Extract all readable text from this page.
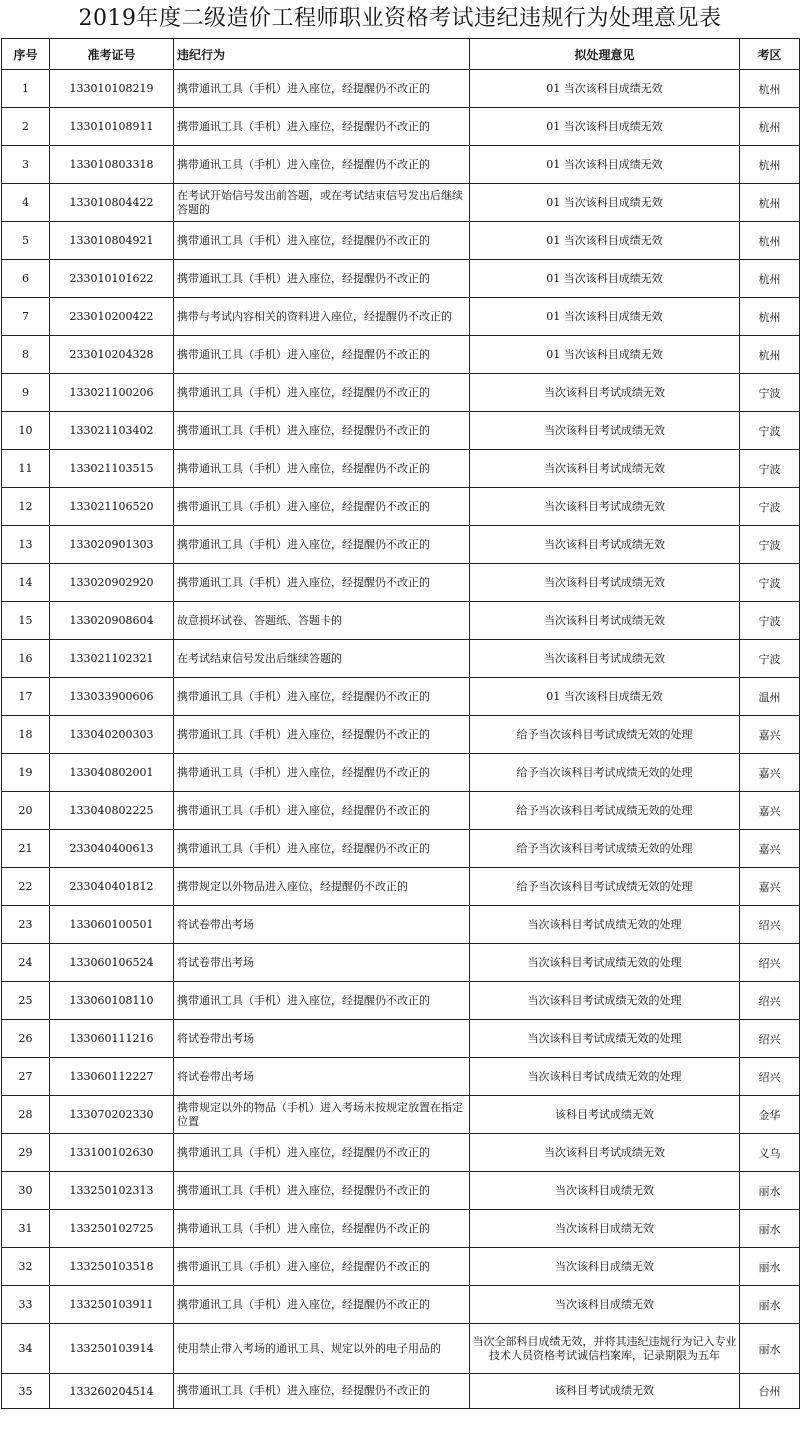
2019年度二级造价工程师职业资格考试违纪违规行为处理意见表
序号	准考证号	违纪行为	拟处理意见	考区
1	133010108219	携带通讯工具（手机）进入座位，经提醒仍不改正的	01 当次该科目成绩无效	杭州
2	133010108911	携带通讯工具（手机）进入座位，经提醒仍不改正的	01 当次该科目成绩无效	杭州
3	133010803318	携带通讯工具（手机）进入座位，经提醒仍不改正的	01 当次该科目成绩无效	杭州
4	133010804422	在考试开始信号发出前答题，或在考试结束信号发出后继续答题的	01 当次该科目成绩无效	杭州
5	133010804921	携带通讯工具（手机）进入座位，经提醒仍不改正的	01 当次该科目成绩无效	杭州
6	233010101622	携带通讯工具（手机）进入座位，经提醒仍不改正的	01 当次该科目成绩无效	杭州
7	233010200422	携带与考试内容相关的资料进入座位，经提醒仍不改正的	01 当次该科目成绩无效	杭州
8	233010204328	携带通讯工具（手机）进入座位，经提醒仍不改正的	01 当次该科目成绩无效	杭州
9	133021100206	携带通讯工具（手机）进入座位，经提醒仍不改正的	当次该科目考试成绩无效	宁波
10	133021103402	携带通讯工具（手机）进入座位，经提醒仍不改正的	当次该科目考试成绩无效	宁波
11	133021103515	携带通讯工具（手机）进入座位，经提醒仍不改正的	当次该科目考试成绩无效	宁波
12	133021106520	携带通讯工具（手机）进入座位，经提醒仍不改正的	当次该科目考试成绩无效	宁波
13	133020901303	携带通讯工具（手机）进入座位，经提醒仍不改正的	当次该科目考试成绩无效	宁波
14	133020902920	携带通讯工具（手机）进入座位，经提醒仍不改正的	当次该科目考试成绩无效	宁波
15	133020908604	故意损坏试卷、答题纸、答题卡的	当次该科目考试成绩无效	宁波
16	133021102321	在考试结束信号发出后继续答题的	当次该科目考试成绩无效	宁波
17	133033900606	携带通讯工具（手机）进入座位，经提醒仍不改正的	01 当次该科目成绩无效	温州
18	133040200303	携带通讯工具（手机）进入座位，经提醒仍不改正的	给予当次该科目考试成绩无效的处理	嘉兴
19	133040802001	携带通讯工具（手机）进入座位，经提醒仍不改正的	给予当次该科目考试成绩无效的处理	嘉兴
20	133040802225	携带通讯工具（手机）进入座位，经提醒仍不改正的	给予当次该科目考试成绩无效的处理	嘉兴
21	233040400613	携带通讯工具（手机）进入座位，经提醒仍不改正的	给予当次该科目考试成绩无效的处理	嘉兴
22	233040401812	携带规定以外物品进入座位，经提醒仍不改正的	给予当次该科目考试成绩无效的处理	嘉兴
23	133060100501	将试卷带出考场	当次该科目考试成绩无效的处理	绍兴
24	133060106524	将试卷带出考场	当次该科目考试成绩无效的处理	绍兴
25	133060108110	携带通讯工具（手机）进入座位，经提醒仍不改正的	当次该科目考试成绩无效的处理	绍兴
26	133060111216	将试卷带出考场	当次该科目考试成绩无效的处理	绍兴
27	133060112227	将试卷带出考场	当次该科目考试成绩无效的处理	绍兴
28	133070202330	携带规定以外的物品（手机）进入考场未按规定放置在指定位置	该科目考试成绩无效	金华
29	133100102630	携带通讯工具（手机）进入座位，经提醒仍不改正的	当次该科目考试成绩无效	义乌
30	133250102313	携带通讯工具（手机）进入座位，经提醒仍不改正的	当次该科目成绩无效	丽水
31	133250102725	携带通讯工具（手机）进入座位，经提醒仍不改正的	当次该科目成绩无效	丽水
32	133250103518	携带通讯工具（手机）进入座位，经提醒仍不改正的	当次该科目成绩无效	丽水
33	133250103911	携带通讯工具（手机）进入座位，经提醒仍不改正的	当次该科目成绩无效	丽水
34	133250103914	使用禁止带入考场的通讯工具、规定以外的电子用品的	当次全部科目成绩无效，并将其违纪违规行为记入专业技术人员资格考试诚信档案库，记录期限为五年	丽水
35	133260204514	携带通讯工具（手机）进入座位，经提醒仍不改正的	该科目考试成绩无效	台州
